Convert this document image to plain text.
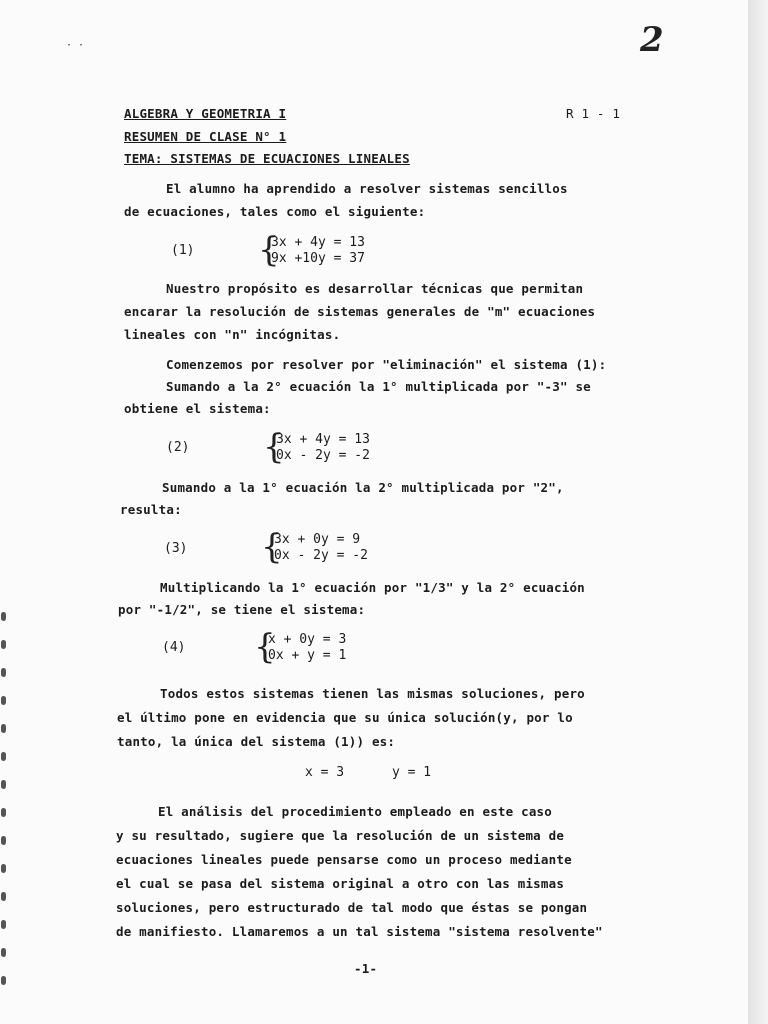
··	2
ALGEBRA Y GEOMETRIA I	R 1 - 1
RESUMEN DE CLASE N° 1
TEMA: SISTEMAS DE ECUACIONES LINEALES
El alumno ha aprendido a resolver sistemas sencillos
de ecuaciones, tales como el siguiente:
(1) {
3x + 4y = 13
9x +10y = 37
Nuestro propósito es desarrollar técnicas que permitan
encarar la resolución de sistemas generales de "m" ecuaciones
lineales con "n" incógnitas.
Comenzemos por resolver por "eliminación" el sistema (1):
Sumando a la 2° ecuación la 1° multiplicada por "-3" se
obtiene el sistema:
(2) {
3x + 4y = 13
0x - 2y = -2
Sumando a la 1° ecuación la 2° multiplicada por "2",
resulta:
(3) {
3x + 0y = 9
0x - 2y = -2
Multiplicando la 1° ecuación por "1/3" y la 2° ecuación
por "-1/2", se tiene el sistema:
(4) {
x + 0y = 3
0x + y = 1
Todos estos sistemas tienen las mismas soluciones, pero
el último pone en evidencia que su única solución(y, por lo
tanto, la única del sistema (1)) es:
x = 3	y = 1
El análisis del procedimiento empleado en este caso
y su resultado, sugiere que la resolución de un sistema de
ecuaciones lineales puede pensarse como un proceso mediante
el cual se pasa del sistema original a otro con las mismas
soluciones, pero estructurado de tal modo que éstas se pongan
de manifiesto. Llamaremos a un tal sistema "sistema resolvente"
-1-
